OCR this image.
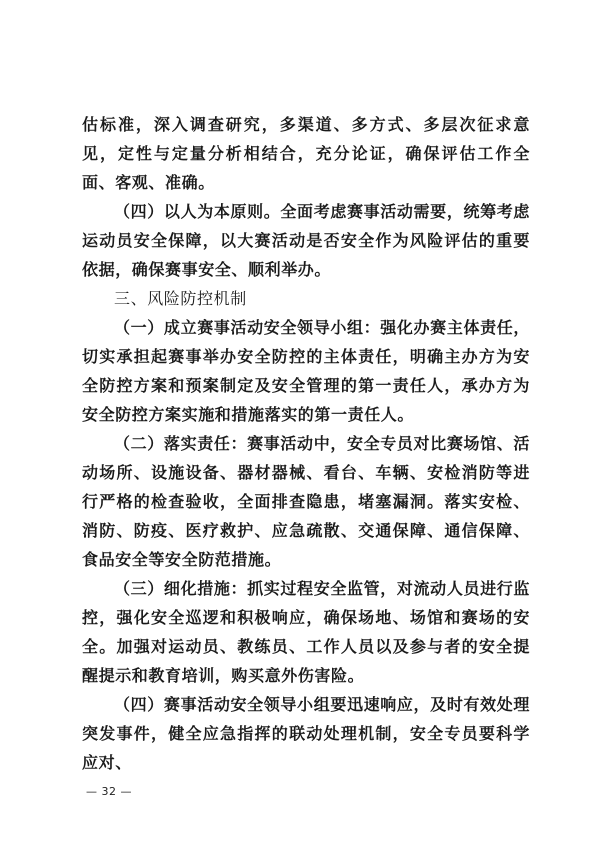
估标准，深入调查研究，多渠道、多方式、多层次征求意见，定性与定量分析相结合，充分论证，确保评估工作全面、客观、准确。

（四）以人为本原则。全面考虑赛事活动需要，统筹考虑运动员安全保障，以大赛活动是否安全作为风险评估的重要依据，确保赛事安全、顺利举办。

三、风险防控机制

（一）成立赛事活动安全领导小组：强化办赛主体责任，切实承担起赛事举办安全防控的主体责任，明确主办方为安全防控方案和预案制定及安全管理的第一责任人，承办方为安全防控方案实施和措施落实的第一责任人。

（二）落实责任：赛事活动中，安全专员对比赛场馆、活动场所、设施设备、器材器械、看台、车辆、安检消防等进行严格的检查验收，全面排查隐患，堵塞漏洞。落实安检、消防、防疫、医疗救护、应急疏散、交通保障、通信保障、食品安全等安全防范措施。

（三）细化措施：抓实过程安全监管，对流动人员进行监控，强化安全巡逻和积极响应，确保场地、场馆和赛场的安全。加强对运动员、教练员、工作人员以及参与者的安全提醒提示和教育培训，购买意外伤害险。

（四）赛事活动安全领导小组要迅速响应，及时有效处理突发事件，健全应急指挥的联动处理机制，安全专员要科学应对、

— 32 —
